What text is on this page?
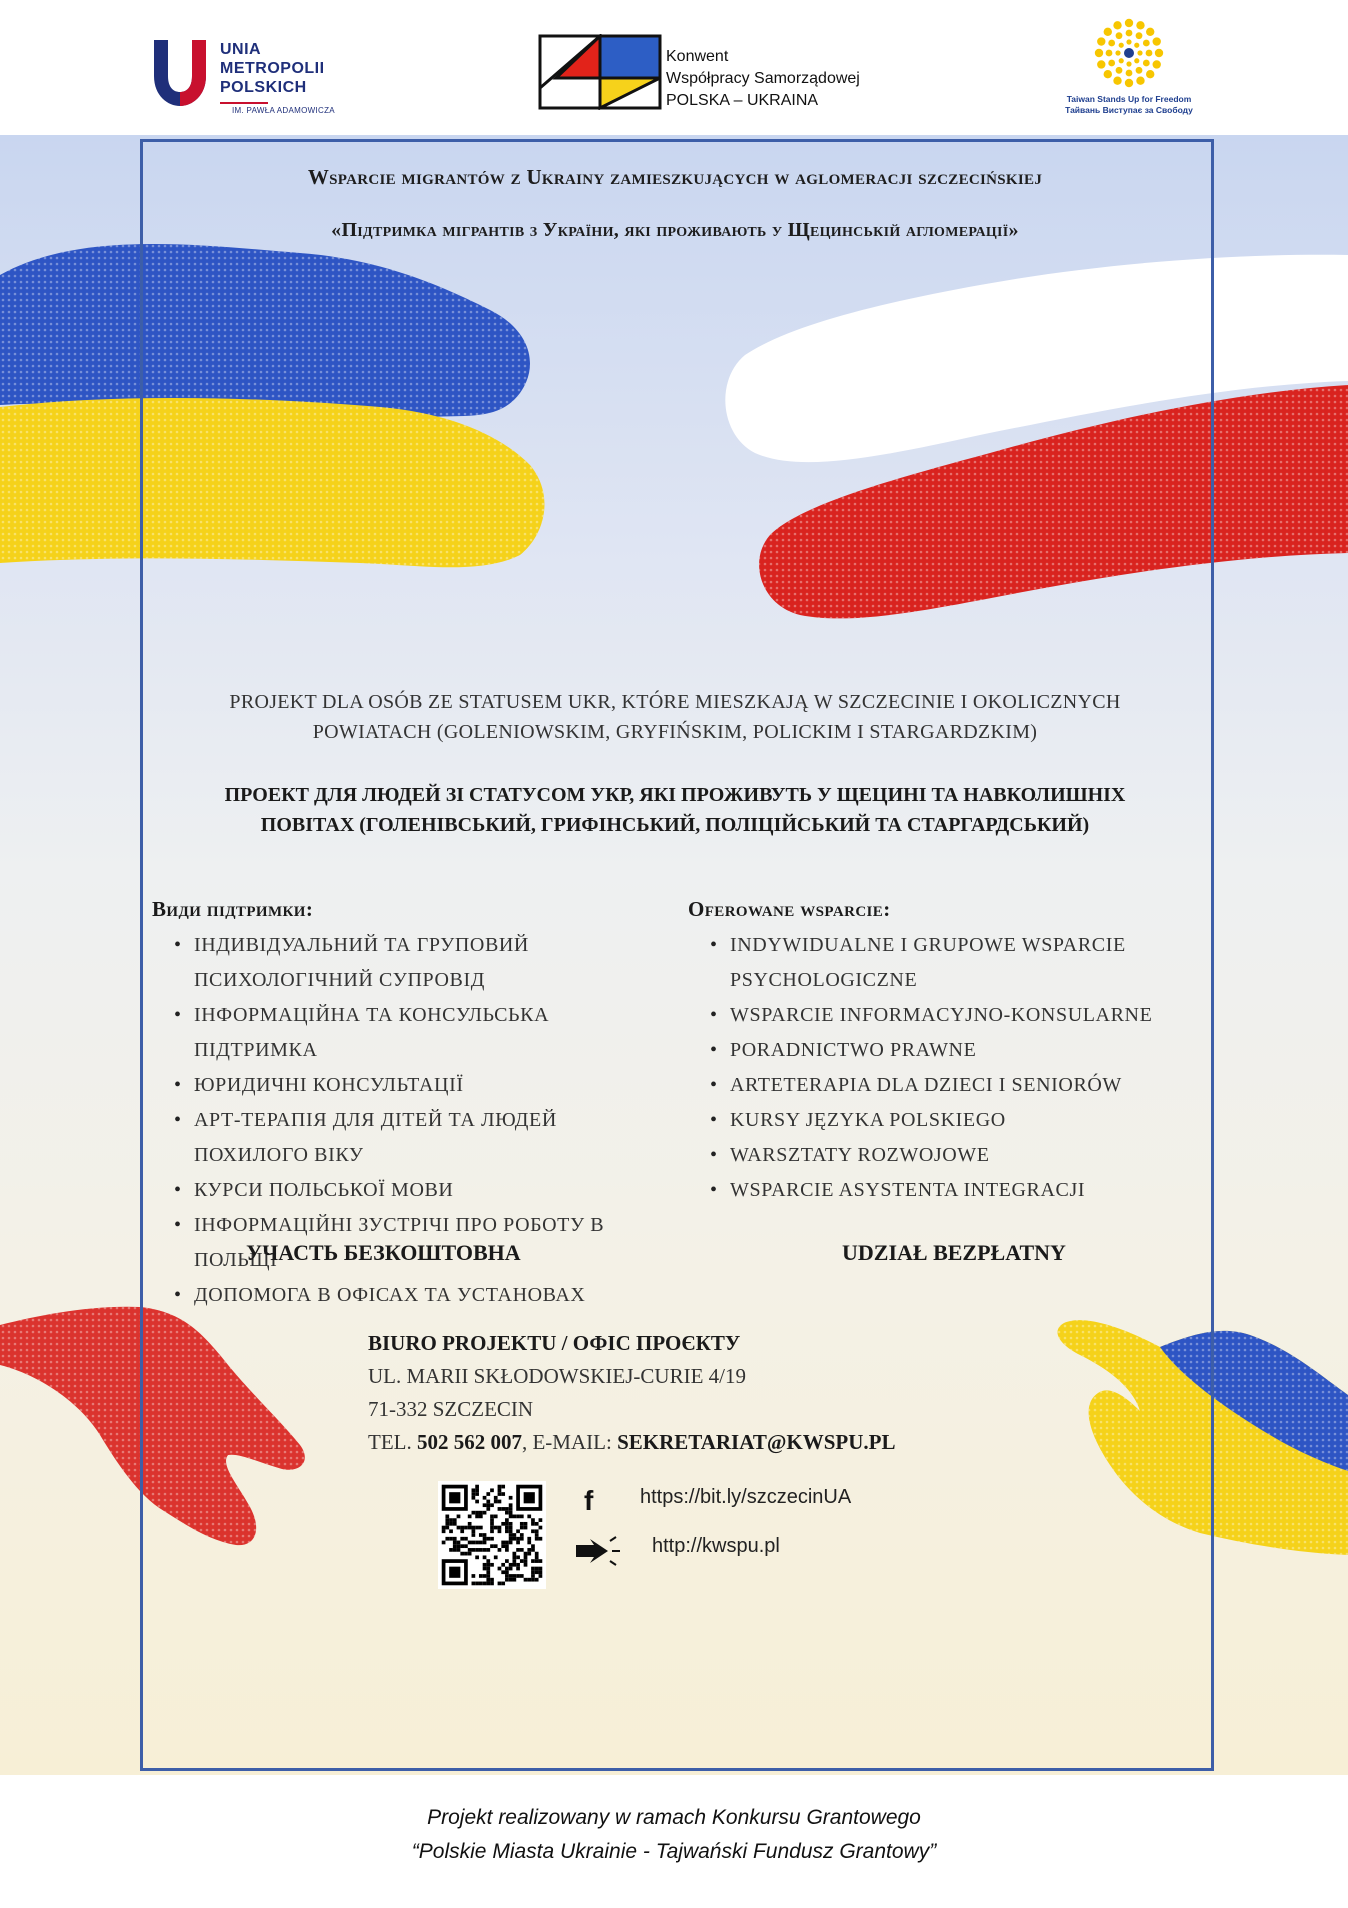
UNIA
METROPOLII
POLSKICH
IM. PAWŁA ADAMOWICZA
Konwent
Współpracy Samorządowej
POLSKA – UKRAINA	Taiwan Stands Up for Freedom
Тайвань Виступає за Свободу
Wsparcie migrantów z Ukrainy zamieszkujących w aglomeracji szczecińskiej
«Підтримка мігрантів з України, які проживають у Щецинській агломерації»
PROJEKT DLA OSÓB ZE STATUSEM UKR, KTÓRE MIESZKAJĄ W SZCZECINIE I OKOLICZNYCH
POWIATACH (GOLENIOWSKIM, GRYFIŃSKIM, POLICKIM I STARGARDZKIM)
ПРОЕКТ ДЛЯ ЛЮДЕЙ ЗІ СТАТУСОМ УКР, ЯКІ ПРОЖИВУТЬ У ЩЕЦИНІ ТА НАВКОЛИШНІХ
ПОВІТАХ (ГОЛЕНІВСЬКИЙ, ГРИФІНСЬКИЙ, ПОЛІЦІЙСЬКИЙ ТА СТАРГАРДСЬКИЙ)
Види підтримки:
• ІНДИВІДУАЛЬНИЙ ТА ГРУПОВИЙ ПСИХОЛОГІЧНИЙ СУПРОВІД
• ІНФОРМАЦІЙНА ТА КОНСУЛЬСЬКА ПІДТРИМКА
• ЮРИДИЧНІ КОНСУЛЬТАЦІЇ
• АРТ-ТЕРАПІЯ ДЛЯ ДІТЕЙ ТА ЛЮДЕЙ ПОХИЛОГО ВІКУ
• КУРСИ ПОЛЬСЬКОЇ МОВИ
• ІНФОРМАЦІЙНІ ЗУСТРІЧІ ПРО РОБОТУ В ПОЛЬЩІ
• ДОПОМОГА В ОФІСАХ ТА УСТАНОВАХ
Oferowane wsparcie:
• INDYWIDUALNE I GRUPOWE WSPARCIE PSYCHOLOGICZNE
• WSPARCIE INFORMACYJNO-KONSULARNE
• PORADNICTWO PRAWNE
• ARTETERAPIA DLA DZIECI I SENIORÓW
• KURSY JĘZYKA POLSKIEGO
• WARSZTATY ROZWOJOWE
• WSPARCIE ASYSTENTA INTEGRACJI
УЧАСТЬ БЕЗКОШТОВНА	UDZIAŁ BEZPŁATNY
BIURO PROJEKTU / ОФІС ПРОЄКТУ
UL. MARII SKŁODOWSKIEJ-CURIE 4/19
71-332 SZCZECIN
TEL. 502 562 007, E-MAIL: SEKRETARIAT@KWSPU.PL
f	https://bit.ly/szczecinUA
http://kwspu.pl
Projekt realizowany w ramach Konkursu Grantowego
“Polskie Miasta Ukrainie - Tajwański Fundusz Grantowy”
